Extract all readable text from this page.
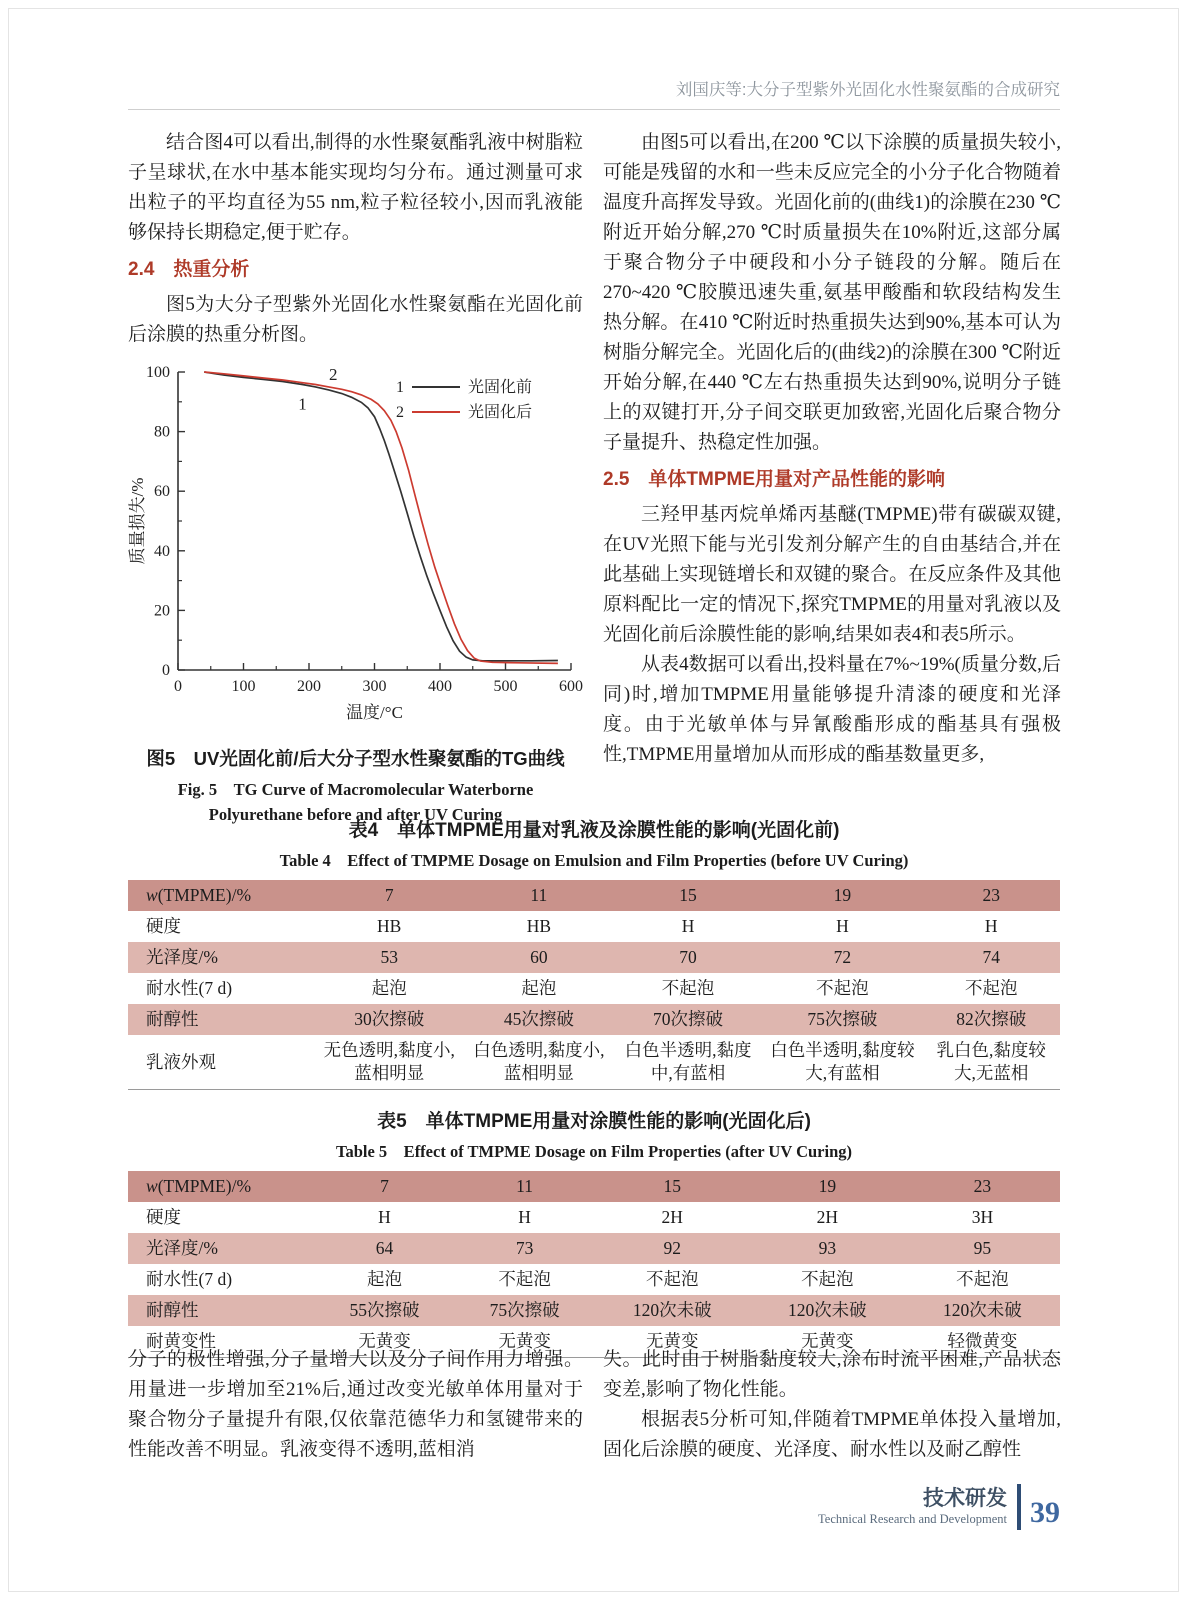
刘国庆等:大分子型紫外光固化水性聚氨酯的合成研究

结合图4可以看出,制得的水性聚氨酯乳液中树脂粒子呈球状,在水中基本能实现均匀分布。通过测量可求出粒子的平均直径为55 nm,粒子粒径较小,因而乳液能够保持长期稳定,便于贮存。

2.4　热重分析

图5为大分子型紫外光固化水性聚氨酯在光固化前后涂膜的热重分析图。

0	100	200	300	400	500	600
0
20
40
60
80
100	2
1
1	光固化前
2	光固化后
温度/°C
质量损失/%
图5　UV光固化前/后大分子型水性聚氨酯的TG曲线
Fig. 5　TG Curve of Macromolecular Waterborne
Polyurethane before and after UV Curing

由图5可以看出,在200 ℃以下涂膜的质量损失较小,可能是残留的水和一些未反应完全的小分子化合物随着温度升高挥发导致。光固化前的(曲线1)的涂膜在230 ℃附近开始分解,270 ℃时质量损失在10%附近,这部分属于聚合物分子中硬段和小分子链段的分解。随后在270~420 ℃胶膜迅速失重,氨基甲酸酯和软段结构发生热分解。在410 ℃附近时热重损失达到90%,基本可认为树脂分解完全。光固化后的(曲线2)的涂膜在300 ℃附近开始分解,在440 ℃左右热重损失达到90%,说明分子链上的双键打开,分子间交联更加致密,光固化后聚合物分子量提升、热稳定性加强。

2.5　单体TMPME用量对产品性能的影响

三羟甲基丙烷单烯丙基醚(TMPME)带有碳碳双键,在UV光照下能与光引发剂分解产生的自由基结合,并在此基础上实现链增长和双键的聚合。在反应条件及其他原料配比一定的情况下,探究TMPME的用量对乳液以及光固化前后涂膜性能的影响,结果如表4和表5所示。

从表4数据可以看出,投料量在7%~19%(质量分数,后同)时,增加TMPME用量能够提升清漆的硬度和光泽度。由于光敏单体与异氰酸酯形成的酯基具有强极性,TMPME用量增加从而形成的酯基数量更多,

表4　单体TMPME用量对乳液及涂膜性能的影响(光固化前)
Table 4　Effect of TMPME Dosage on Emulsion and Film Properties (before UV Curing)
w(TMPME)/%	7	11	15	19	23
硬度	HB	HB	H	H	H
光泽度/%	53	60	70	72	74
耐水性(7 d)	起泡	起泡	不起泡	不起泡	不起泡
耐醇性	30次擦破	45次擦破	70次擦破	75次擦破	82次擦破
乳液外观	无色透明,黏度小,蓝相明显	白色透明,黏度小,蓝相明显	白色半透明,黏度中,有蓝相	白色半透明,黏度较大,有蓝相	乳白色,黏度较大,无蓝相
表5　单体TMPME用量对涂膜性能的影响(光固化后)
Table 5　Effect of TMPME Dosage on Film Properties (after UV Curing)
w(TMPME)/%	7	11	15	19	23
硬度	H	H	2H	2H	3H
光泽度/%	64	73	92	93	95
耐水性(7 d)	起泡	不起泡	不起泡	不起泡	不起泡
耐醇性	55次擦破	75次擦破	120次未破	120次未破	120次未破
耐黄变性	无黄变	无黄变	无黄变	无黄变	轻微黄变

分子的极性增强,分子量增大以及分子间作用力增强。用量进一步增加至21%后,通过改变光敏单体用量对于聚合物分子量提升有限,仅依靠范德华力和氢键带来的性能改善不明显。乳液变得不透明,蓝相消

失。此时由于树脂黏度较大,涂布时流平困难,产品状态变差,影响了物化性能。

根据表5分析可知,伴随着TMPME单体投入量增加,固化后涂膜的硬度、光泽度、耐水性以及耐乙醇性

技术研发
Technical Research and Development 39
